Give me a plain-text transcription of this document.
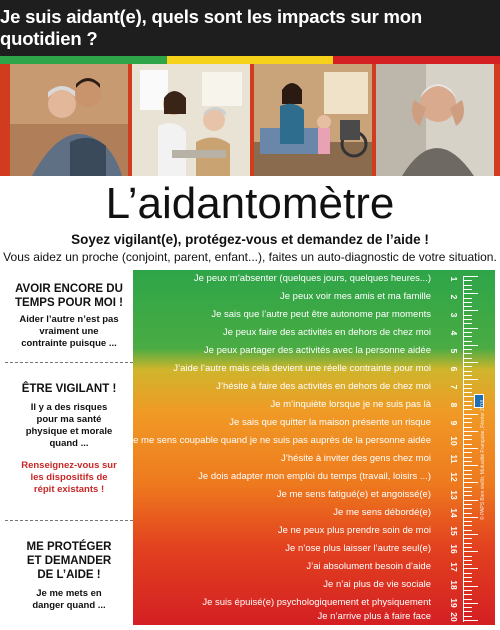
Je suis aidant(e), quels sont les impacts sur mon quotidien ?
L’aidantomètre
Soyez vigilant(e), protégez-vous et demandez de l’aide !
Vous aidez un proche (conjoint, parent, enfant...), faites un auto-diagnostic de votre situation.
AVOIR ENCORE DU TEMPS POUR MOI !
Aider l’autre n’est pas vraiment une contrainte puisque ...
ÊTRE VIGILANT !
Il y a des risques pour ma santé physique et morale quand ...
Renseignez-vous sur les dispositifs de répit existants !
ME PROTÉGER ET DEMANDER DE L’AIDE !
Je me mets en danger quand ...
Je peux m’absenter (quelques jours, quelques heures...)
Je peux voir mes amis et ma famille
Je sais que l’autre peut être autonome par moments
Je peux faire des activités en dehors de chez moi
Je peux partager des activités avec la personne aidée
J’aide l’autre mais cela devient une réelle contrainte pour moi
J’hésite à faire des activités en dehors de chez moi
Je m’inquiète lorsque je ne suis pas là
Je sais que quitter la maison présente un risque
Je me sens coupable quand je ne suis pas auprès de la personne aidée
J’hésite à inviter des gens chez moi
Je dois adapter mon emploi du temps (travail, loisirs ...)
Je me sens fatigué(e) et angoissé(e)
Je me sens débordé(e)
Je ne peux plus prendre soin de moi
Je n’ose plus laisser l’autre seul(e)
J’ai absolument besoin d’aide
Je n’ai plus de vie sociale
Je suis épuisé(e) psychologiquement et physiquement
Je n’arrive plus à faire face
1
2
3
4
5
6
7
8
9
10
11
12
13
14
15
16
17
18
19
20
© PAPS Bien vieillir, Mutualité Française, Février 2018
